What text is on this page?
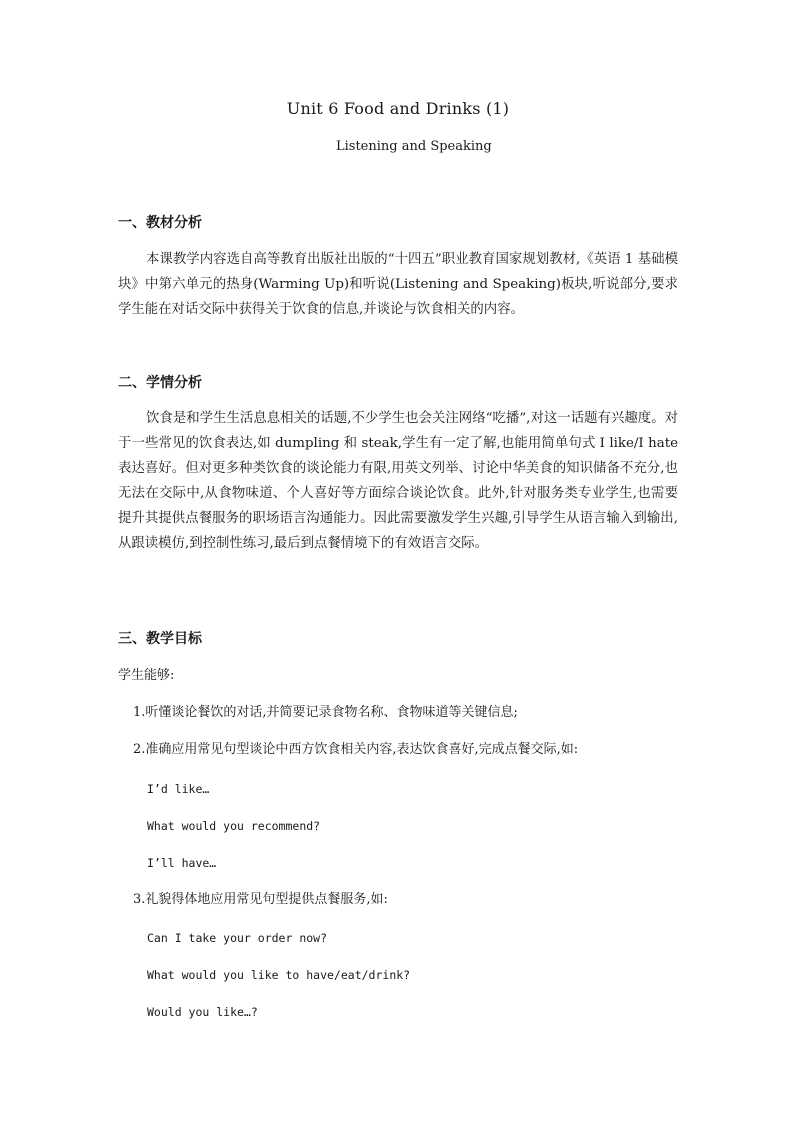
Unit 6 Food and Drinks (1)
Listening and Speaking
一、教材分析
本课教学内容选自高等教育出版社出版的“十四五”职业教育国家规划教材,《英语 1 基础模块》中第六单元的热身(Warming Up)和听说(Listening and Speaking)板块,听说部分,要求学生能在对话交际中获得关于饮食的信息,并谈论与饮食相关的内容。
二、学情分析
饮食是和学生生活息息相关的话题,不少学生也会关注网络“吃播”,对这一话题有兴趣度。对于一些常见的饮食表达,如 dumpling 和 steak,学生有一定了解,也能用简单句式 I like/I hate 表达喜好。但对更多种类饮食的谈论能力有限,用英文列举、讨论中华美食的知识储备不充分,也无法在交际中,从食物味道、个人喜好等方面综合谈论饮食。此外,针对服务类专业学生,也需要提升其提供点餐服务的职场语言沟通能力。因此需要激发学生兴趣,引导学生从语言输入到输出,从跟读模仿,到控制性练习,最后到点餐情境下的有效语言交际。
三、教学目标
学生能够:
1.听懂谈论餐饮的对话,并简要记录食物名称、食物味道等关键信息;
2.准确应用常见句型谈论中西方饮食相关内容,表达饮食喜好,完成点餐交际,如:
I’d like…
What would you recommend?
I’ll have…
3.礼貌得体地应用常见句型提供点餐服务,如:
Can I take your order now?
What would you like to have/eat/drink?
Would you like…?
